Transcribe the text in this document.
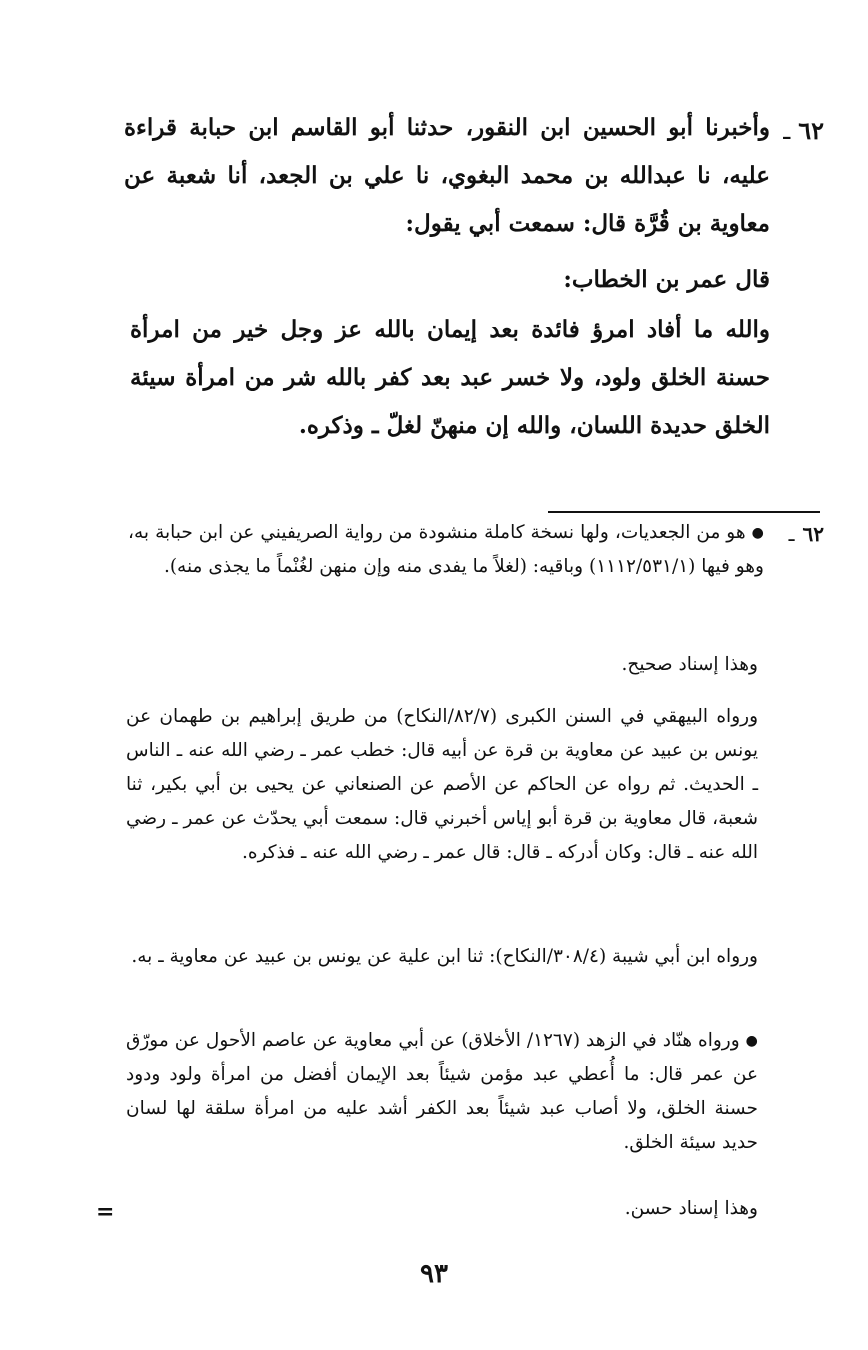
٦٢ـ

وأخبرنا أبو الحسين ابن النقور، حدثنا أبو القاسم ابن حبابة قراءة عليه، نا عبدالله بن محمد البغوي، نا علي بن الجعد، أنا شعبة عن معاوية بن قُرَّة قال: سمعت أبي يقول:

قال عمر بن الخطاب:

والله ما أفاد امرؤ فائدة بعد إيمان بالله عز وجل خير من امرأة حسنة الخلق ولود، ولا خسر عبد بعد كفر بالله شر من امرأة سيئة الخلق حديدة اللسان، والله إن منهنّ لغلّ ـ وذكره.

٦٢ـ

● هو من الجعديات، ولها نسخة كاملة منشودة من رواية الصريفيني عن ابن حبابة به، وهو فيها (١١١٢/٥٣١/١) وباقيه: (لغلاً ما يفدى منه وإن منهن لغُنْماً ما يجذى منه).

وهذا إسناد صحيح.

ورواه البيهقي في السنن الكبرى (٨٢/٧/النكاح) من طريق إبراهيم بن طهمان عن يونس بن عبيد عن معاوية بن قرة عن أبيه قال: خطب عمر ـ رضي الله عنه ـ الناس ـ الحديث. ثم رواه عن الحاكم عن الأصم عن الصنعاني عن يحيى بن أبي بكير، ثنا شعبة، قال معاوية بن قرة أبو إياس أخبرني قال: سمعت أبي يحدّث عن عمر ـ رضي الله عنه ـ قال: وكان أدركه ـ قال: قال عمر ـ رضي الله عنه ـ فذكره.

ورواه ابن أبي شيبة (٣٠٨/٤/النكاح): ثنا ابن علية عن يونس بن عبيد عن معاوية ـ به.

● ورواه هنّاد في الزهد (١٢٦٧/ الأخلاق) عن أبي معاوية عن عاصم الأحول عن مورّق عن عمر قال: ما أُعطي عبد مؤمن شيئاً بعد الإيمان أفضل من امرأة ولود ودود حسنة الخلق، ولا أصاب عبد شيئاً بعد الكفر أشد عليه من امرأة سلقة لها لسان حديد سيئة الخلق.

وهذا إسناد حسن.

=
٩٣
